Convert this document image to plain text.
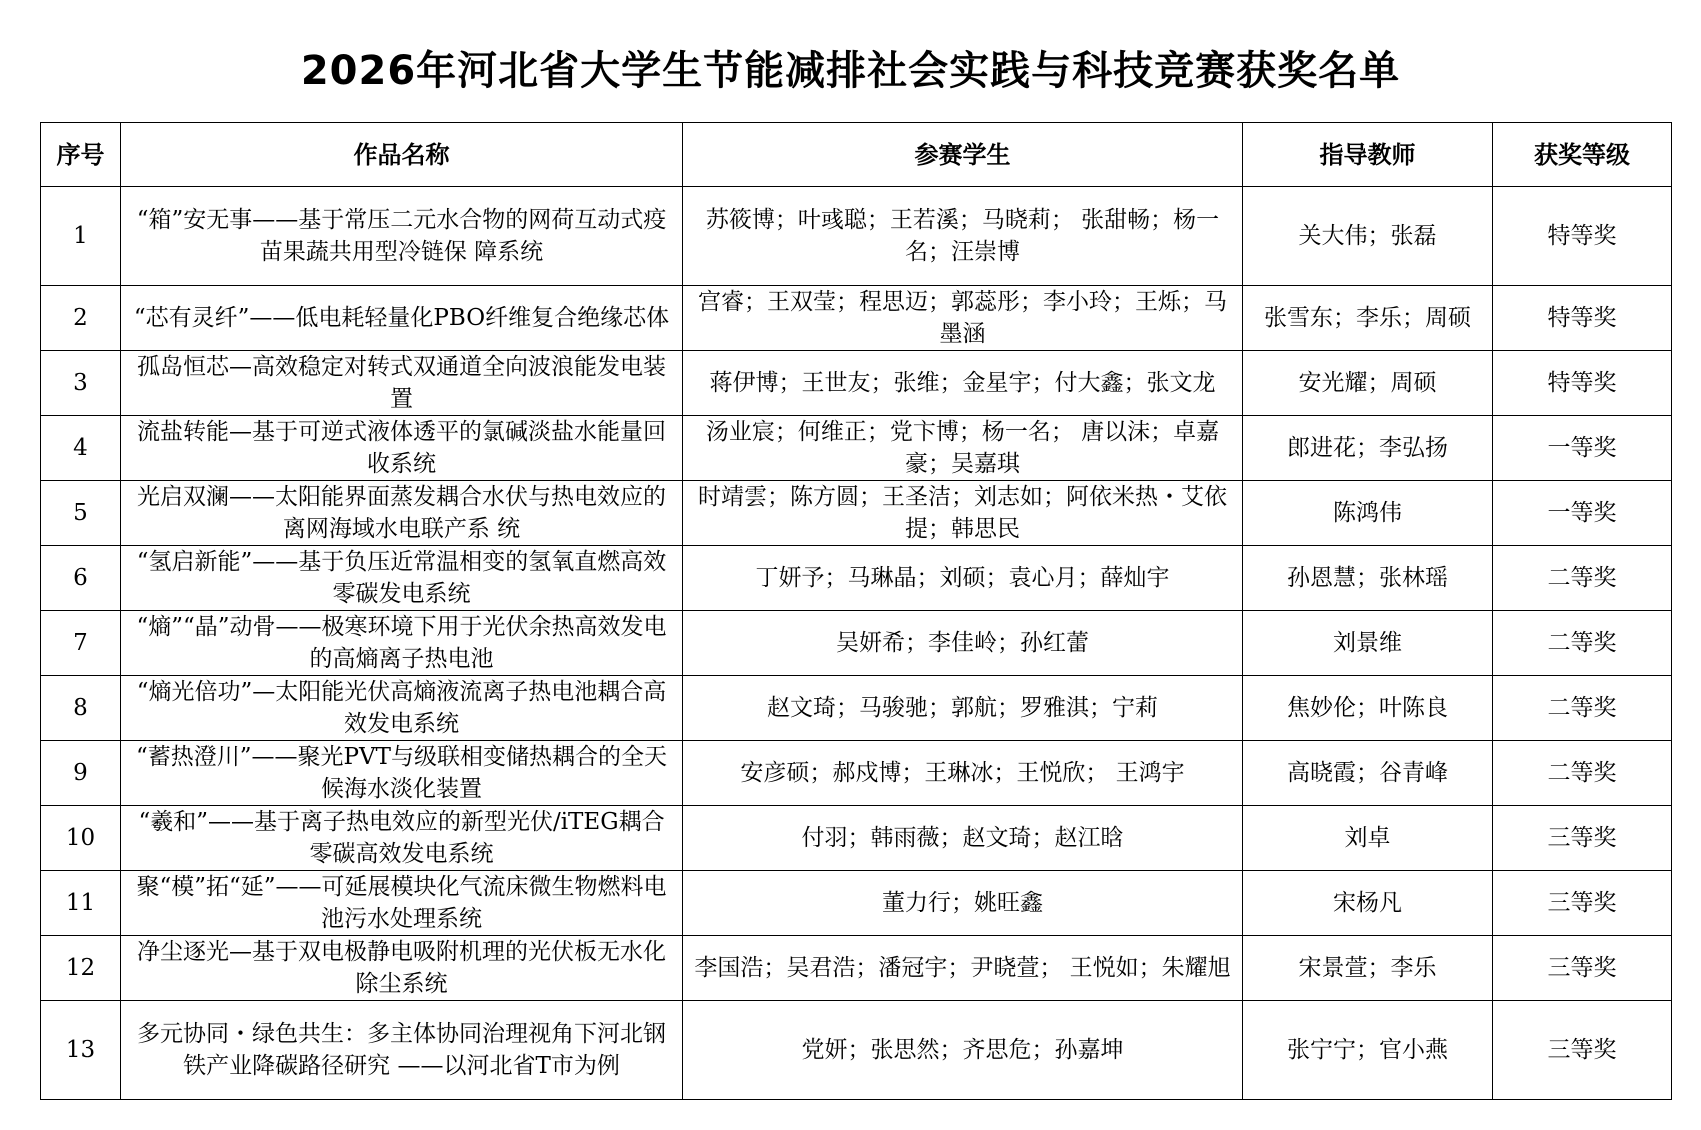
2026年河北省大学生节能减排社会实践与科技竞赛获奖名单
序号	作品名称	参赛学生	指导教师	获奖等级
1	“箱”安无事——基于常压二元水合物的网荷互动式疫苗果蔬共用型冷链保 障系统	苏筱博；叶彧聪；王若溪；马晓莉； 张甜畅；杨一名；汪崇博	关大伟；张磊	特等奖
2	“芯有灵纤”——低电耗轻量化PBO纤维复合绝缘芯体	宫睿；王双莹；程思迈；郭蕊彤；李小玲；王烁；马墨涵	张雪东；李乐；周硕	特等奖
3	孤岛恒芯—高效稳定对转式双通道全向波浪能发电装置	蒋伊博；王世友；张维；金星宇；付大鑫；张文龙	安光耀；周硕	特等奖
4	流盐转能—基于可逆式液体透平的氯碱淡盐水能量回收系统	汤业宸；何维正；党卞博；杨一名； 唐以沫；卓嘉豪；吴嘉琪	郎进花；李弘扬	一等奖
5	光启双澜——太阳能界面蒸发耦合水伏与热电效应的离网海域水电联产系 统	时靖雲；陈方圆；王圣洁；刘志如；阿依米热・艾依提；韩思民	陈鸿伟	一等奖
6	“氢启新能”——基于负压近常温相变的氢氧直燃高效零碳发电系统	丁妍予；马琳晶；刘硕；袁心月；薛灿宇	孙恩慧；张林瑶	二等奖
7	“熵”“晶”动骨——极寒环境下用于光伏余热高效发电的高熵离子热电池	吴妍希；李佳岭；孙红蕾	刘景维	二等奖
8	“熵光倍功”—太阳能光伏高熵液流离子热电池耦合高效发电系统	赵文琦；马骏驰；郭航；罗雅淇；宁莉	焦妙伦；叶陈良	二等奖
9	“蓄热澄川”——聚光PVT与级联相变储热耦合的全天候海水淡化装置	安彦硕；郝戍博；王琳冰；王悦欣； 王鸿宇	高晓霞；谷青峰	二等奖
10	“羲和”——基于离子热电效应的新型光伏/iTEG耦合零碳高效发电系统	付羽；韩雨薇；赵文琦；赵江晗	刘卓	三等奖
11	聚“模”拓“延”——可延展模块化气流床微生物燃料电池污水处理系统	董力行；姚旺鑫	宋杨凡	三等奖
12	净尘逐光—基于双电极静电吸附机理的光伏板无水化除尘系统	李国浩；吴君浩；潘冠宇；尹晓萱； 王悦如；朱耀旭	宋景萱；李乐	三等奖
13	多元协同・绿色共生：多主体协同治理视角下河北钢铁产业降碳路径研究 ——以河北省T市为例	党妍；张思然；齐思危；孙嘉坤	张宁宁；官小燕	三等奖
